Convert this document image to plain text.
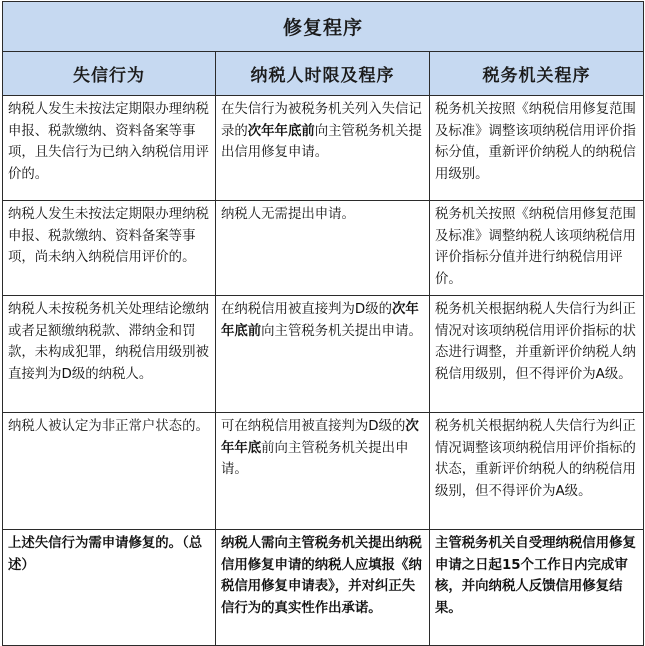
修复程序		
失信行为	纳税人时限及程序	税务机关程序
纳税人发生未按法定期限办理纳税申报、税款缴纳、资料备案等事项，且失信行为已纳入纳税信用评价的。	在失信行为被税务机关列入失信记录的次年年底前向主管税务机关提出信用修复申请。	税务机关按照《纳税信用修复范围及标准》调整该项纳税信用评价指标分值，重新评价纳税人的纳税信用级别。
纳税人发生未按法定期限办理纳税申报、税款缴纳、资料备案等事项，尚未纳入纳税信用评价的。	纳税人无需提出申请。	税务机关按照《纳税信用修复范围及标准》调整纳税人该项纳税信用评价指标分值并进行纳税信用评价。
纳税人未按税务机关处理结论缴纳或者足额缴纳税款、滞纳金和罚款，未构成犯罪，纳税信用级别被直接判为D级的纳税人。	在纳税信用被直接判为D级的次年年底前向主管税务机关提出申请。	税务机关根据纳税人失信行为纠正情况对该项纳税信用评价指标的状态进行调整，并重新评价纳税人纳税信用级别，但不得评价为A级。
纳税人被认定为非正常户状态的。	可在纳税信用被直接判为D级的次年年底前向主管税务机关提出申请。	税务机关根据纳税人失信行为纠正情况调整该项纳税信用评价指标的状态，重新评价纳税人的纳税信用级别，但不得评价为A级。
上述失信行为需申请修复的。（总述）	纳税人需向主管税务机关提出纳税信用修复申请的纳税人应填报《纳税信用修复申请表》，并对纠正失信行为的真实性作出承诺。	主管税务机关自受理纳税信用修复申请之日起15个工作日内完成审核，并向纳税人反馈信用修复结果。
